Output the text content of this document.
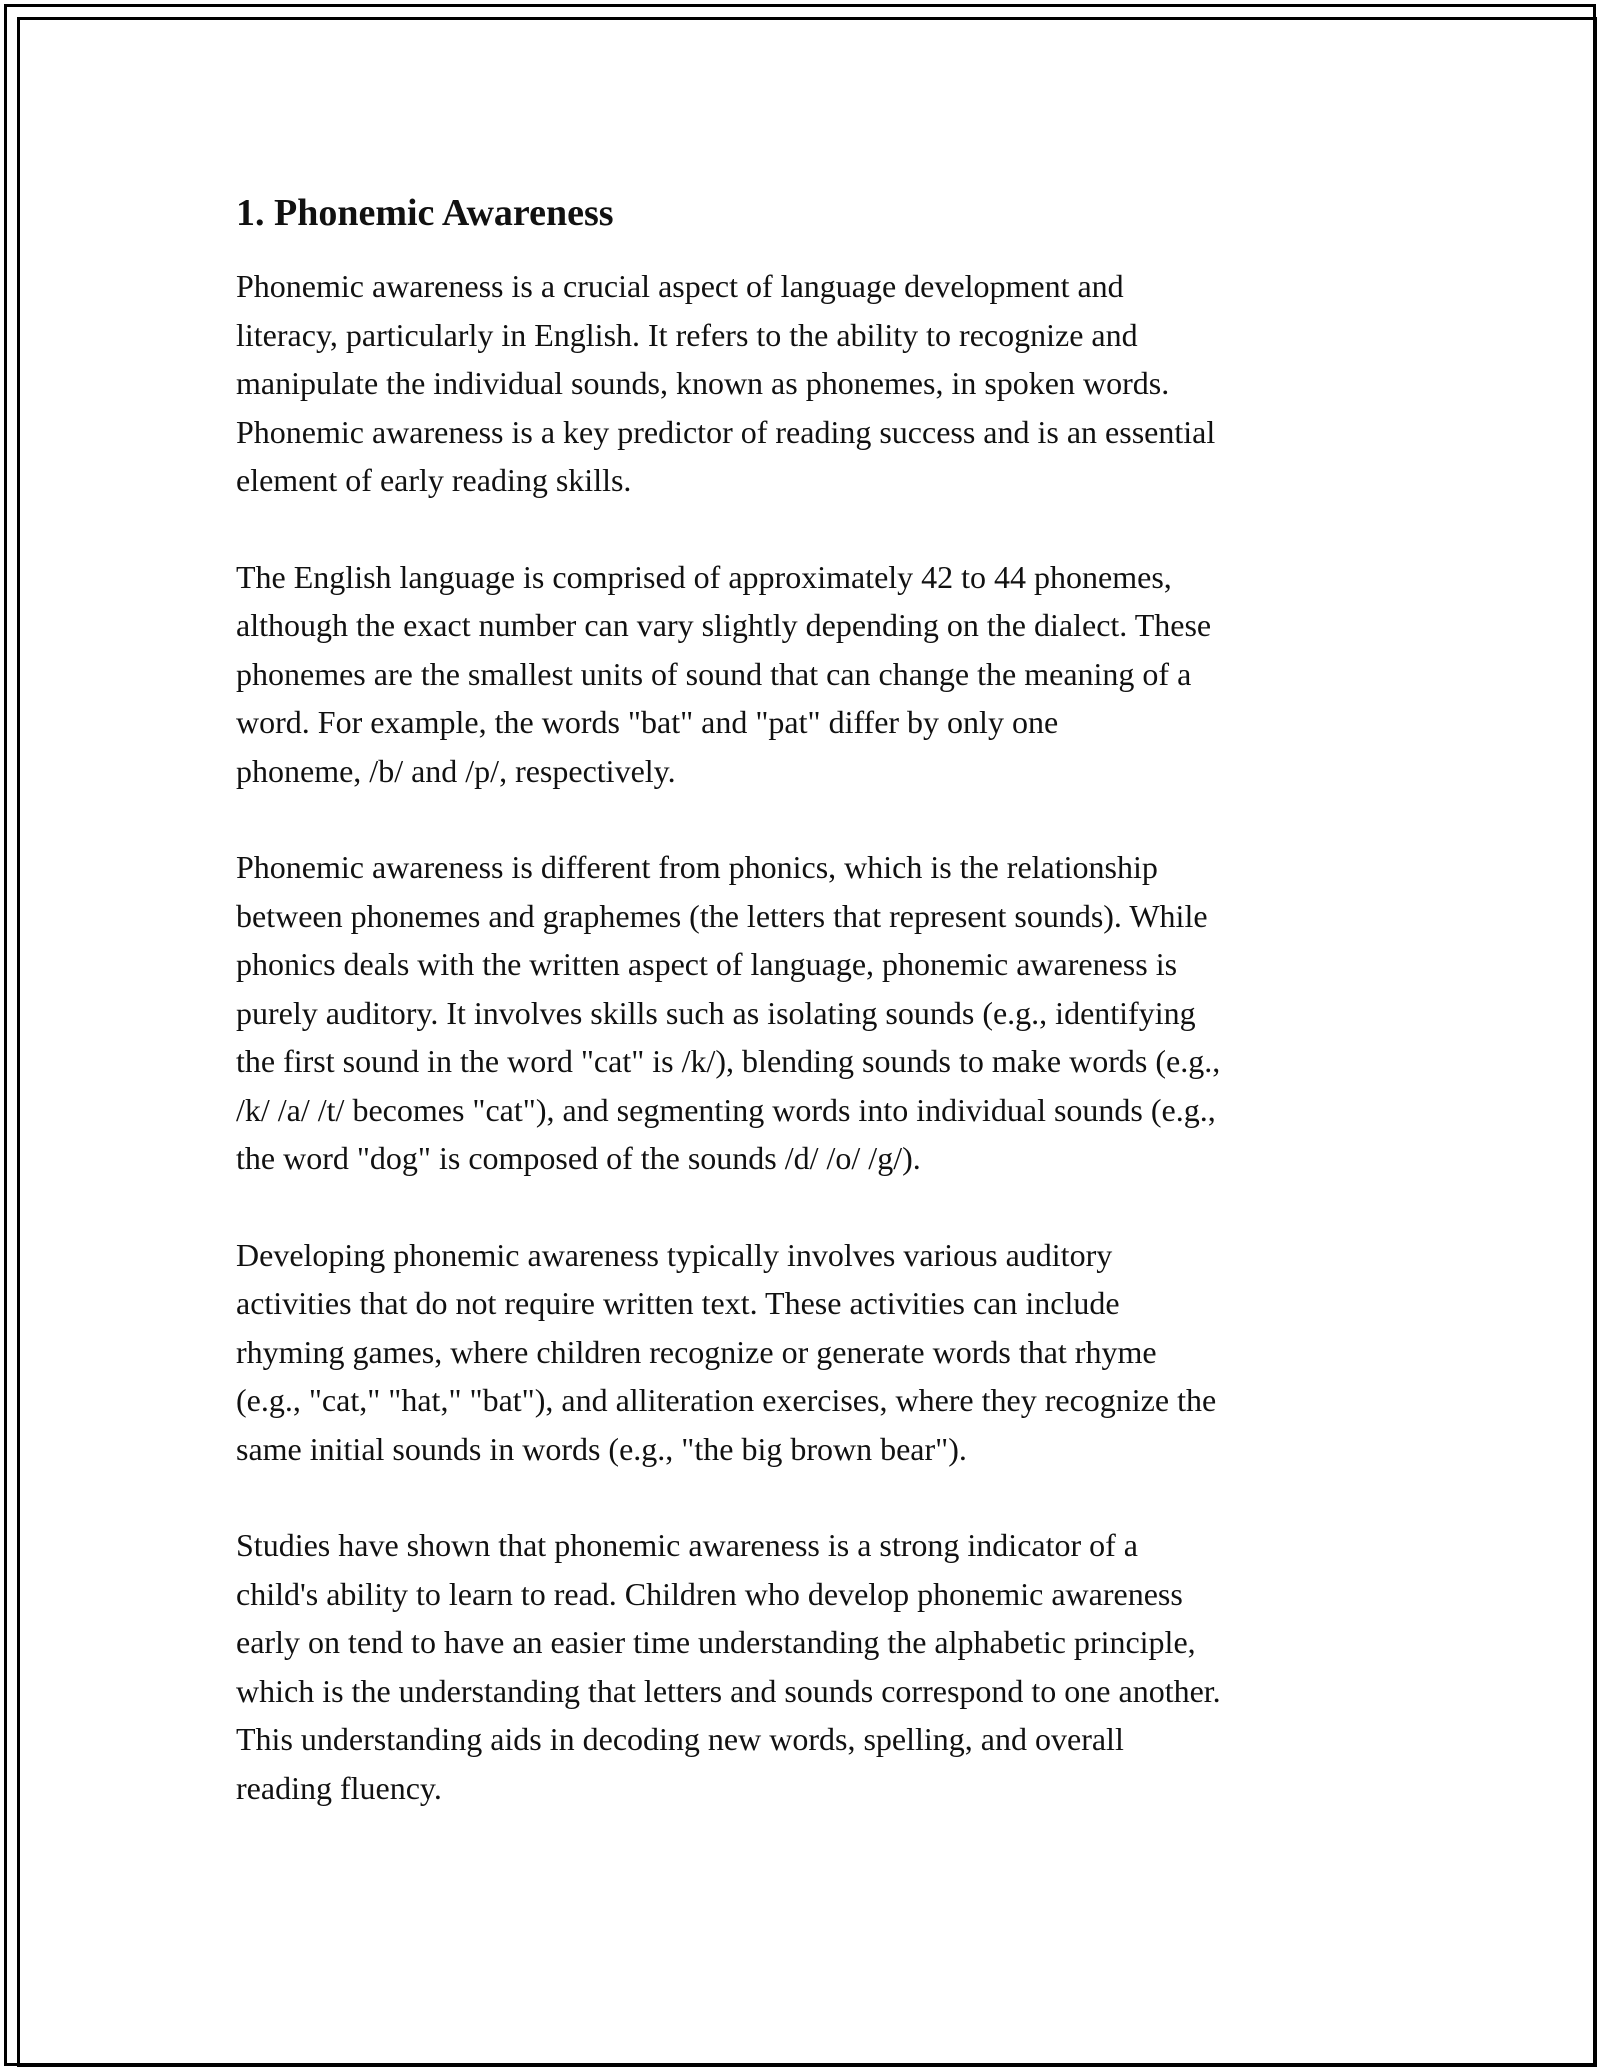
1. Phonemic Awareness

Phonemic awareness is a crucial aspect of language development and
literacy, particularly in English. It refers to the ability to recognize and
manipulate the individual sounds, known as phonemes, in spoken words.
Phonemic awareness is a key predictor of reading success and is an essential
element of early reading skills.

The English language is comprised of approximately 42 to 44 phonemes,
although the exact number can vary slightly depending on the dialect. These
phonemes are the smallest units of sound that can change the meaning of a
word. For example, the words "bat" and "pat" differ by only one
phoneme, /b/ and /p/, respectively.

Phonemic awareness is different from phonics, which is the relationship
between phonemes and graphemes (the letters that represent sounds). While
phonics deals with the written aspect of language, phonemic awareness is
purely auditory. It involves skills such as isolating sounds (e.g., identifying
the first sound in the word "cat" is /k/), blending sounds to make words (e.g.,
/k/ /a/ /t/ becomes "cat"), and segmenting words into individual sounds (e.g.,
the word "dog" is composed of the sounds /d/ /o/ /g/).

Developing phonemic awareness typically involves various auditory
activities that do not require written text. These activities can include
rhyming games, where children recognize or generate words that rhyme
(e.g., "cat," "hat," "bat"), and alliteration exercises, where they recognize the
same initial sounds in words (e.g., "the big brown bear").

Studies have shown that phonemic awareness is a strong indicator of a
child's ability to learn to read. Children who develop phonemic awareness
early on tend to have an easier time understanding the alphabetic principle,
which is the understanding that letters and sounds correspond to one another.
This understanding aids in decoding new words, spelling, and overall
reading fluency.
